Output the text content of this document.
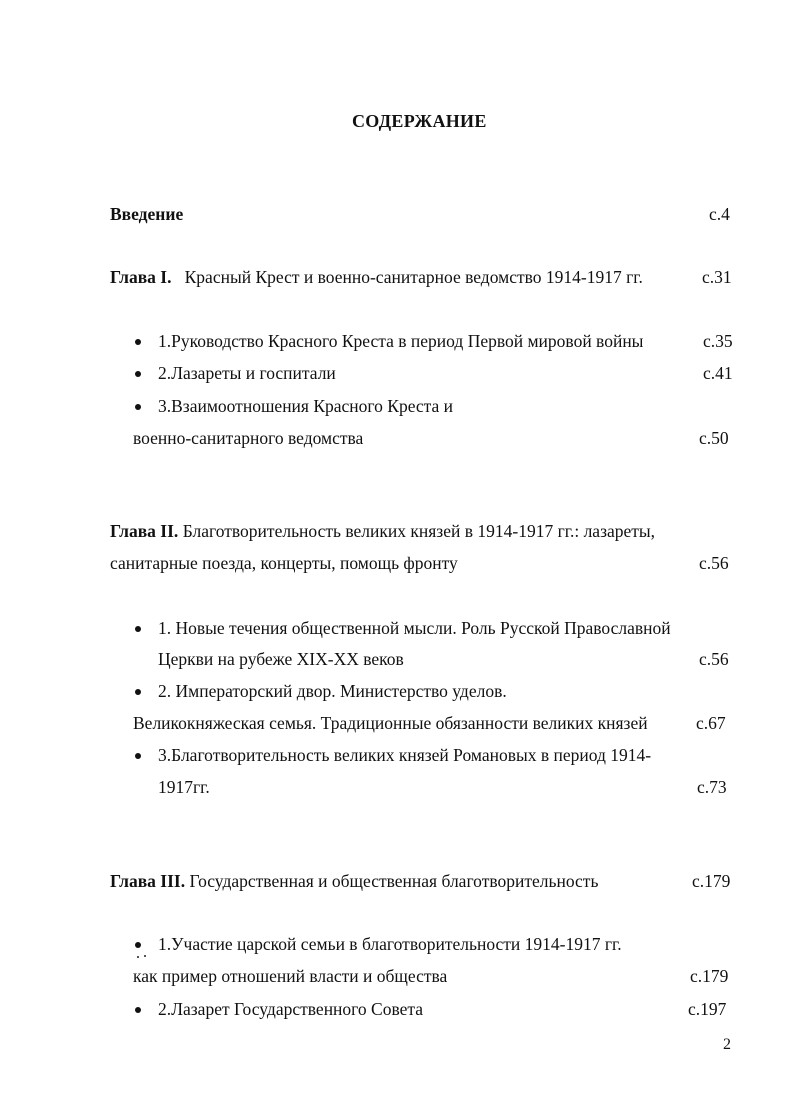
СОДЕРЖАНИЕ
Введение	с.4
Глава I. Красный Крест и военно-санитарное ведомство 1914-1917 гг.	с.31
1.Руководство Красного Креста в период Первой мировой войны	с.35
2.Лазареты и госпитали	с.41
3.Взаимоотношения Красного Креста и
военно-санитарного ведомства	с.50
Глава II. Благотворительность великих князей в 1914-1917 гг.: лазареты,
санитарные поезда, концерты, помощь фронту	с.56
1. Новые течения общественной мысли. Роль Русской Православной
Церкви на рубеже XIX-XX веков	с.56
2. Императорский двор. Министерство уделов.
Великокняжеская семья. Традиционные обязанности великих князей	с.67
3.Благотворительность великих князей Романовых в период 1914-
1917гг.	с.73
Глава III. Государственная и общественная благотворительность	с.179
1.Участие царской семьи в благотворительности 1914-1917 гг.
как пример отношений власти и общества	с.179
2.Лазарет Государственного Совета	с.197
2
